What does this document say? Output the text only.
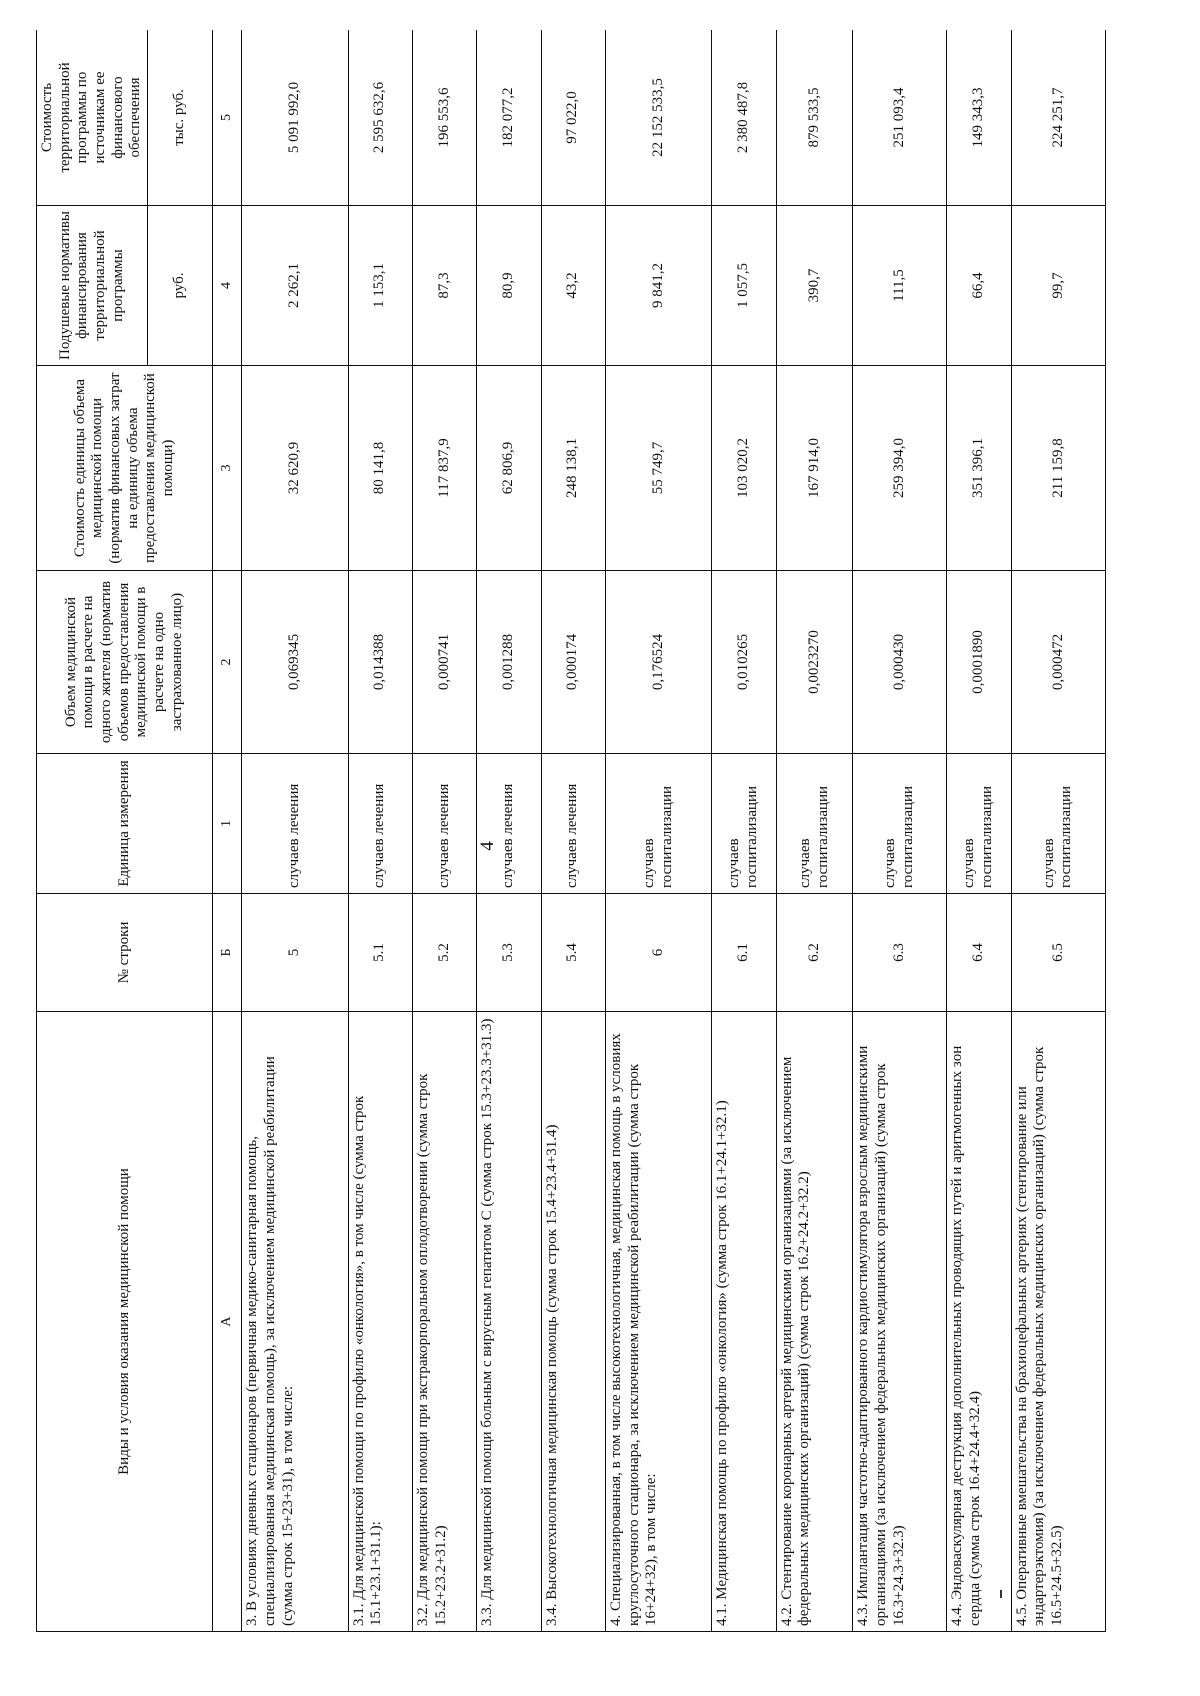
4
Виды и условия оказания медицинской помощи	№ строки	Единица измерения	Объем медицинской помощи в расчете на одного жителя (норматив объемов предоставления медицинской помощи в расчете на одно застрахованное лицо)	Стоимость единицы объема медицинской помощи (норматив финансовых затрат на единицу объема предоставления медицинской помощи)	Подушевые нормативы финансирования территориальной программы	Стоимость территориальной программы по источникам ее финансового обеспечения
					руб.	тыс. руб.
А	Б	1	2	3	4	5
3. В условиях дневных стационаров (первичная медико-санитарная помощь, специализированная медицинская помощь), за исключением медицинской реабилитации (сумма строк 15+23+31), в том числе:	5	случаев лечения	0,069345	32 620,9	2 262,1	5 091 992,0
3.1. Для медицинской помощи по профилю «онкология», в том числе (сумма строк 15.1+23.1+31.1):	5.1	случаев лечения	0,014388	80 141,8	1 153,1	2 595 632,6
3.2. Для медицинской помощи при экстракорпоральном оплодотворении (сумма строк 15.2+23.2+31.2)	5.2	случаев лечения	0,000741	117 837,9	87,3	196 553,6
3.3. Для медицинской помощи больным с вирусным гепатитом С (сумма строк 15.3+23.3+31.3)	5.3	случаев лечения	0,001288	62 806,9	80,9	182 077,2
3.4. Высокотехнологичная медицинская помощь (сумма строк 15.4+23.4+31.4)	5.4	случаев лечения	0,000174	248 138,1	43,2	97 022,0
4. Специализированная, в том числе высокотехнологичная, медицинская помощь в условиях круглосуточного стационара, за исключением медицинской реабилитации (сумма строк 16+24+32), в том числе:	6	случаев госпитализации	0,176524	55 749,7	9 841,2	22 152 533,5
4.1. Медицинская помощь по профилю «онкология» (сумма строк 16.1+24.1+32.1)	6.1	случаев госпитализации	0,010265	103 020,2	1 057,5	2 380 487,8
4.2. Стентирование коронарных артерий медицинскими организациями (за исключением федеральных медицинских организаций) (сумма строк 16.2+24.2+32.2)	6.2	случаев госпитализации	0,0023270	167 914,0	390,7	879 533,5
4.3. Имплантация частотно-адаптированного кардиостимулятора взрослым медицинскими организациями (за исключением федеральных медицинских организаций) (сумма строк 16.3+24.3+32.3)	6.3	случаев госпитализации	0,000430	259 394,0	111,5	251 093,4
4.4. Эндоваскулярная деструкция дополнительных проводящих путей и аритмогенных зон сердца (сумма строк 16.4+24.4+32.4)	6.4	случаев госпитализации	0,0001890	351 396,1	66,4	149 343,3
4.5. Оперативные вмешательства на брахиоцефальных артериях (стентирование или эндартерэктомия) (за исключением федеральных медицинских организаций) (сумма строк 16.5+24.5+32.5)	6.5	случаев госпитализации	0,000472	211 159,8	99,7	224 251,7
